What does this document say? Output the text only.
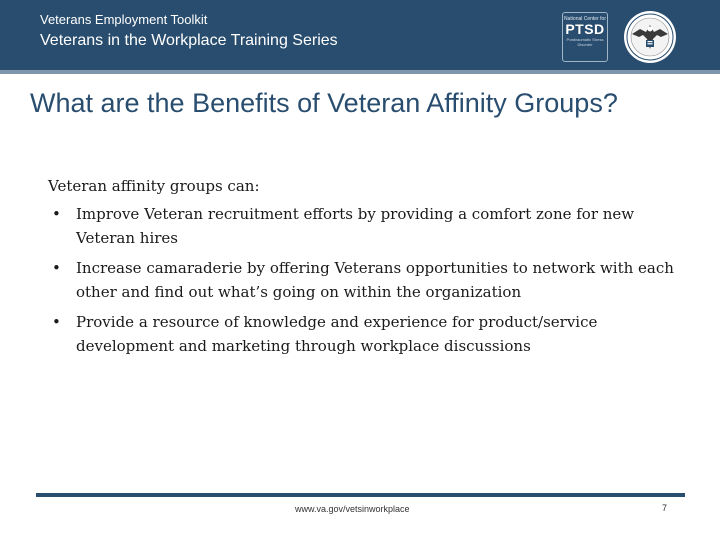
Veterans Employment Toolkit
Veterans in the Workplace Training Series
National Center for
PTSD
Posttraumatic Stress Disorder
What are the Benefits of Veteran Affinity Groups?

Veteran affinity groups can:

• Improve Veteran recruitment efforts by providing a comfort zone for new Veteran hires
• Increase camaraderie by offering Veterans opportunities to network with each other and find out what’s going on within the organization
• Provide a resource of knowledge and experience for product/service development and marketing through workplace discussions
www.va.gov/vetsinworkplace	7
